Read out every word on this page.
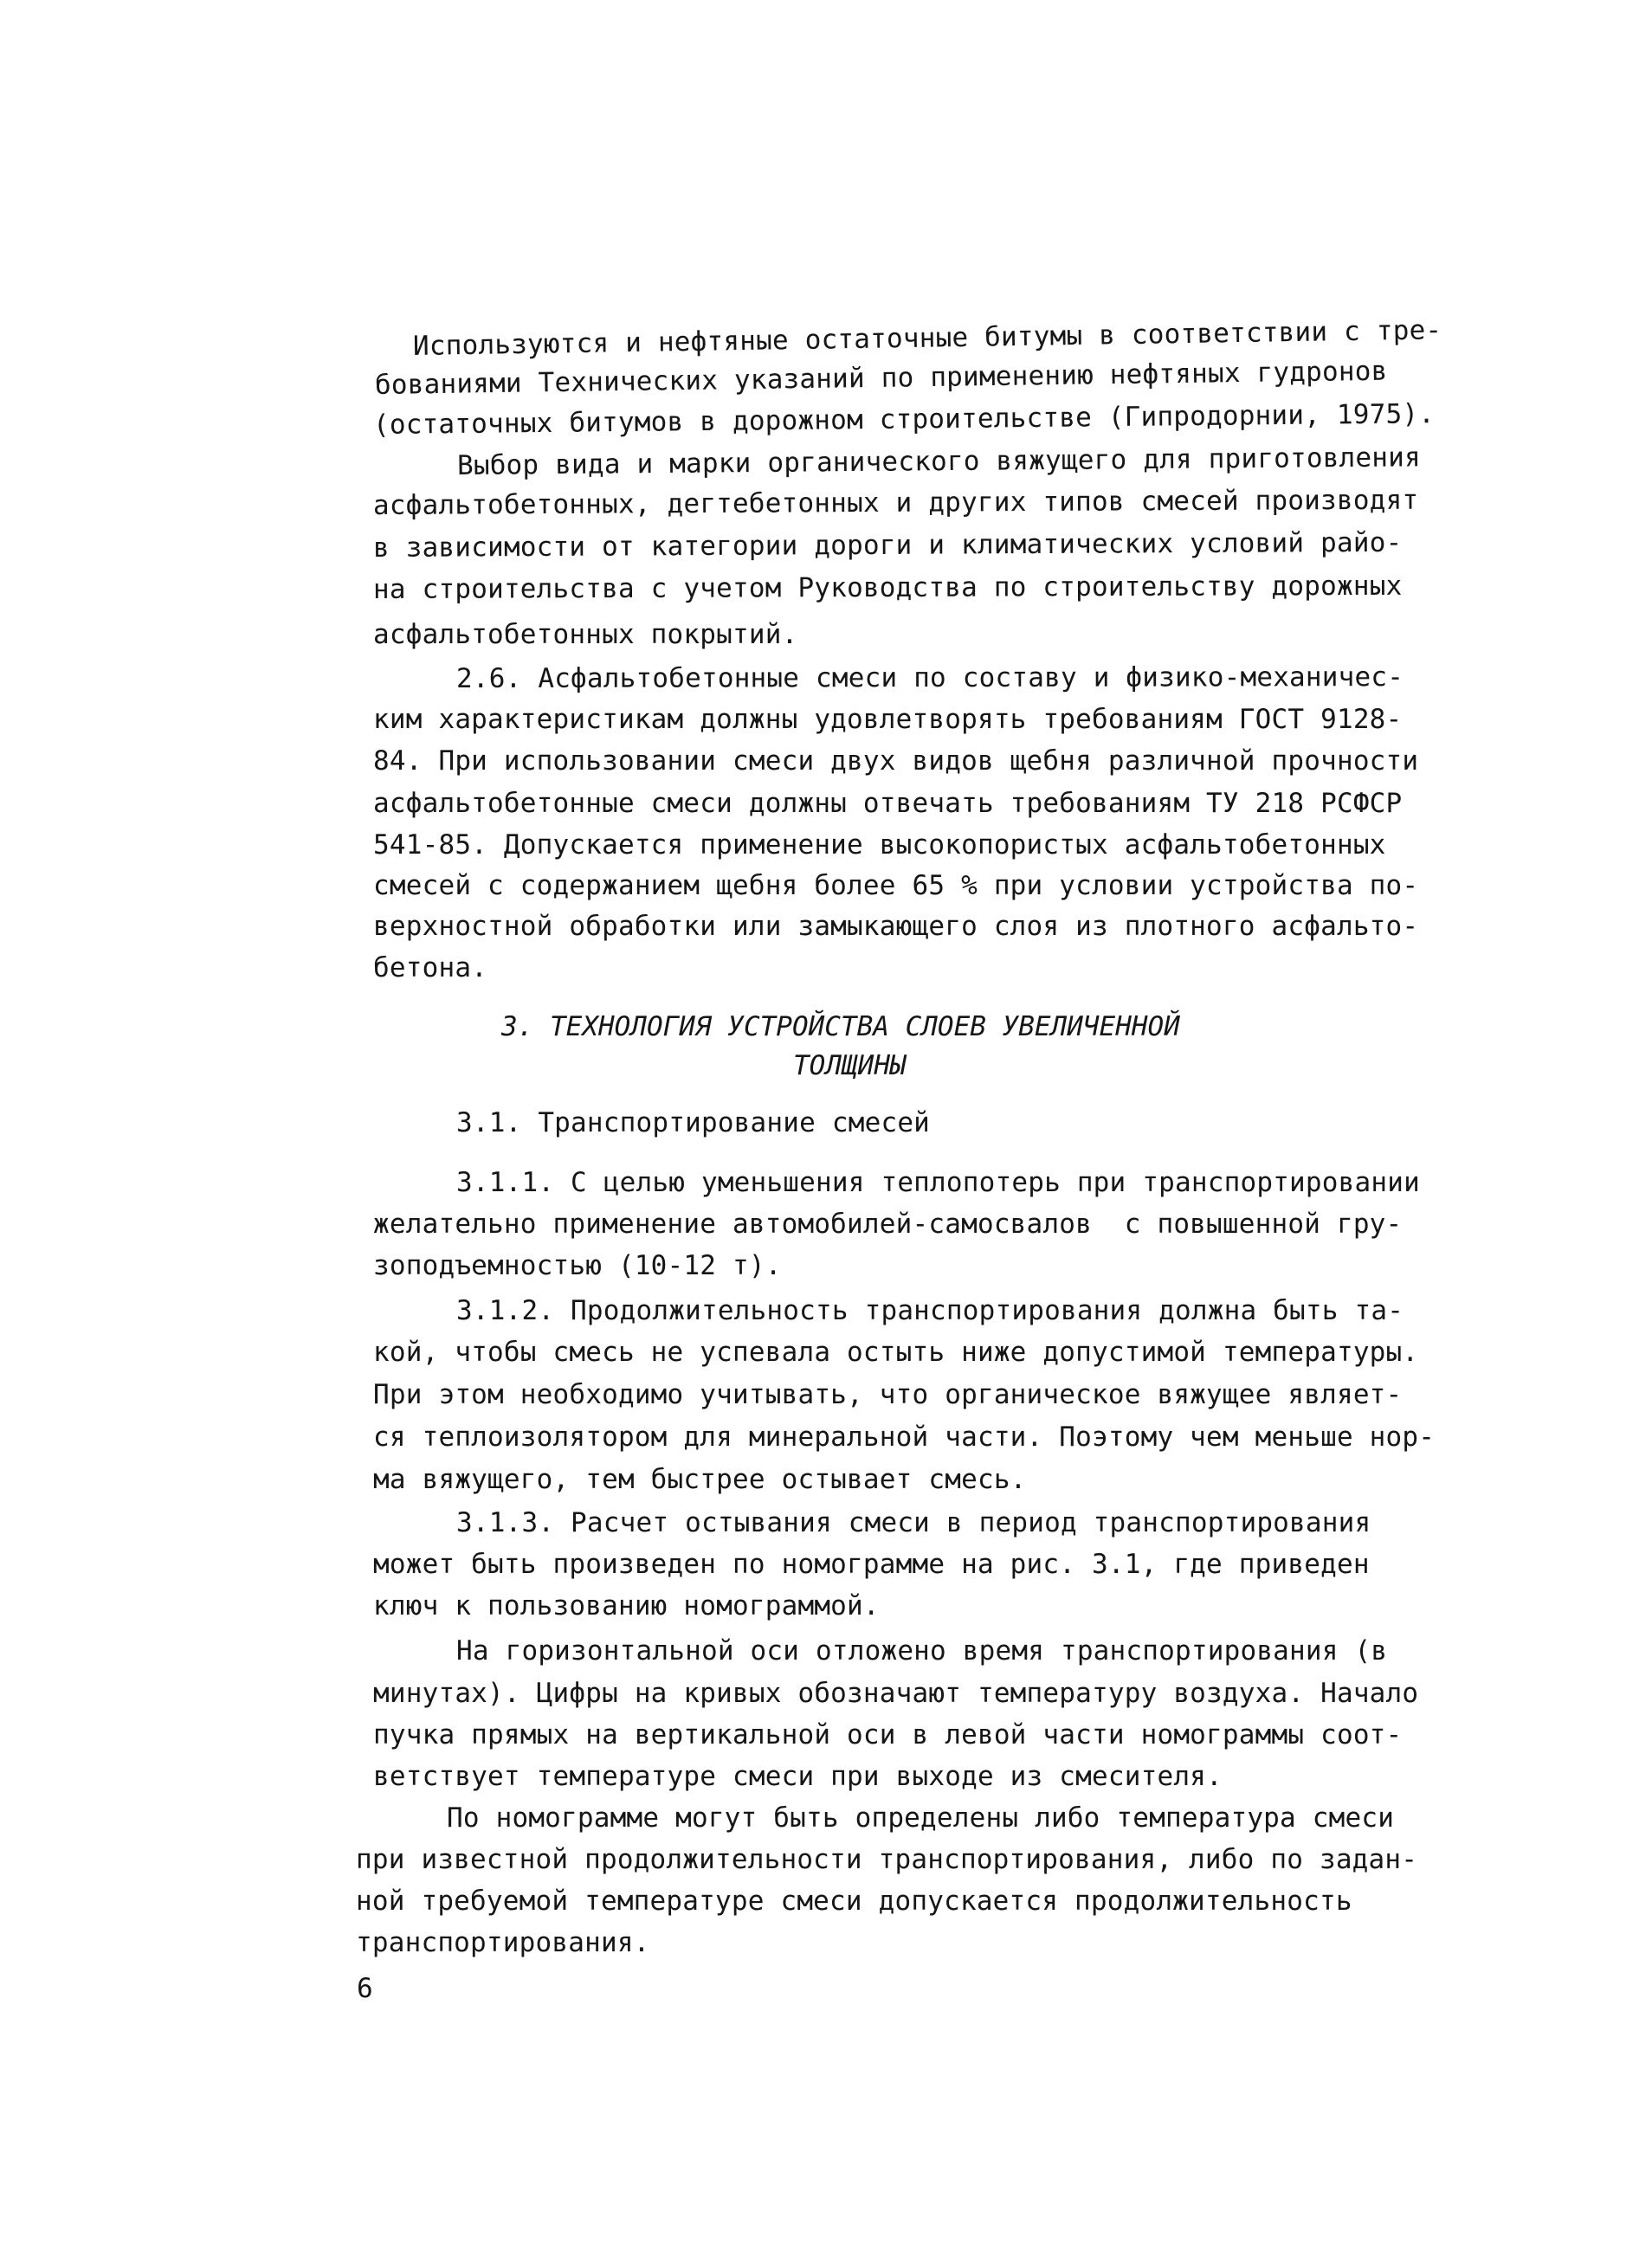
Используются и нефтяные остаточные битумы в соответствии с тре-
бованиями Технических указаний по применению нефтяных гудронов
(остаточных битумов в дорожном строительстве (Гипродорнии, 1975).
Выбор вида и марки органического вяжущего для приготовления
асфальтобетонных, дегтебетонных и других типов смесей производят
в зависимости от категории дороги и климатических условий райо-
на строительства с учетом Руководства по строительству дорожных
асфальтобетонных покрытий.
2.6. Асфальтобетонные смеси по составу и физико-механичес-
ким характеристикам должны удовлетворять требованиям ГОСТ 9128-
84. При использовании смеси двух видов щебня различной прочности
асфальтобетонные смеси должны отвечать требованиям ТУ 218 РСФСР
541-85. Допускается применение высокопористых асфальтобетонных
смесей с содержанием щебня более 65 % при условии устройства по-
верхностной обработки или замыкающего слоя из плотного асфальто-
бетона.
3. ТЕХНОЛОГИЯ УСТРОЙСТВА СЛОЕВ УВЕЛИЧЕННОЙ
ТОЛЩИНЫ
3.1. Транспортирование смесей
3.1.1. С целью уменьшения теплопотерь при транспортировании
желательно применение автомобилей-самосвалов  с повышенной гру-
зоподъемностью (10-12 т).
3.1.2. Продолжительность транспортирования должна быть та-
кой, чтобы смесь не успевала остыть ниже допустимой температуры.
При этом необходимо учитывать, что органическое вяжущее являет-
ся теплоизолятором для минеральной части. Поэтому чем меньше нор-
ма вяжущего, тем быстрее остывает смесь.
3.1.3. Расчет остывания смеси в период транспортирования
может быть произведен по номограмме на рис. 3.1, где приведен
ключ к пользованию номограммой.
На горизонтальной оси отложено время транспортирования (в
минутах). Цифры на кривых обозначают температуру воздуха. Начало
пучка прямых на вертикальной оси в левой части номограммы соот-
ветствует температуре смеси при выходе из смесителя.
По номограмме могут быть определены либо температура смеси
при известной продолжительности транспортирования, либо по задан-
ной требуемой температуре смеси допускается продолжительность
транспортирования.
6
